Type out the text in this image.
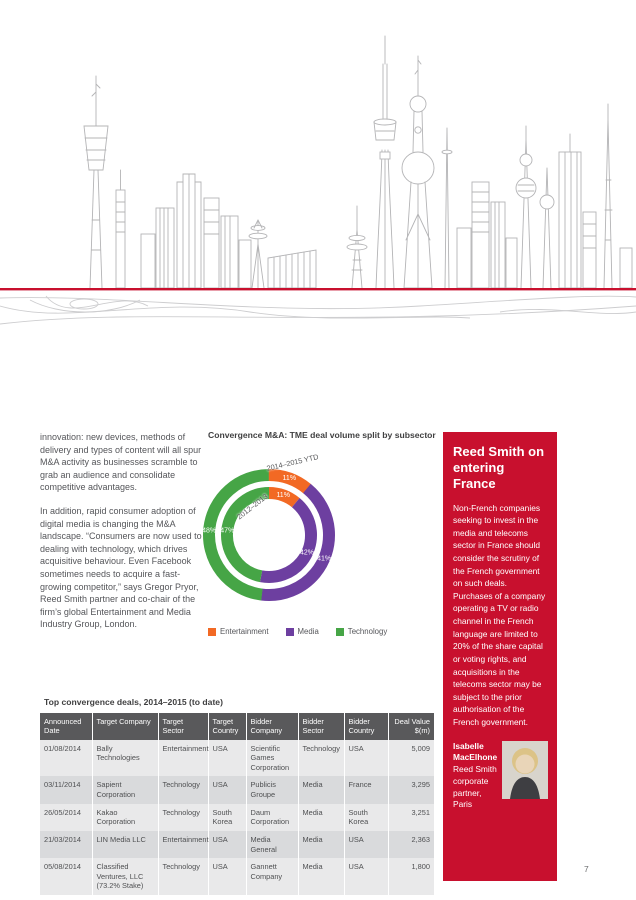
innovation: new devices, methods of delivery and types of content will all spur M&A activity as businesses scramble to grab an audience and consolidate competitive advantages.

In addition, rapid consumer adoption of digital media is changing the M&A landscape. “Consumers are now used to dealing with technology, which drives acquisitive behaviour. Even Facebook sometimes needs to acquire a fast-growing competitor,” says Gregor Pryor, Reed Smith partner and co-chair of the firm’s global Entertainment and Media Industry Group, London.

Convergence M&A: TME deal volume split by subsector
11%
41%
48%
11%
42%
47%
2014–2015 YTD
2012–2013
Entertainment	Media	Technology
Top convergence deals, 2014–2015 (to date)
Announced Date	Target Company	Target Sector	Target Country	Bidder Company	Bidder Sector	Bidder Country	Deal Value $(m)
01/08/2014	Bally Technologies	Entertainment	USA	Scientific Games Corporation	Technology	USA	5,009
03/11/2014	Sapient Corporation	Technology	USA	Publicis Groupe	Media	France	3,295
26/05/2014	Kakao Corporation	Technology	South Korea	Daum Corporation	Media	South Korea	3,251
21/03/2014	LIN Media LLC	Entertainment	USA	Media General	Media	USA	2,363
05/08/2014	Classified Ventures, LLC (73.2% Stake)	Technology	USA	Gannett Company	Media	USA	1,800
Reed Smith on entering France

Non-French companies seeking to invest in the media and telecoms sector in France should consider the scrutiny of the French government on such deals. Purchases of a company operating a TV or radio channel in the French language are limited to 20% of the share capital or voting rights, and acquisitions in the telecoms sector may be subject to the prior authorisation of the French government.

Isabelle MacElhone
Reed Smith corporate partner, Paris
7
